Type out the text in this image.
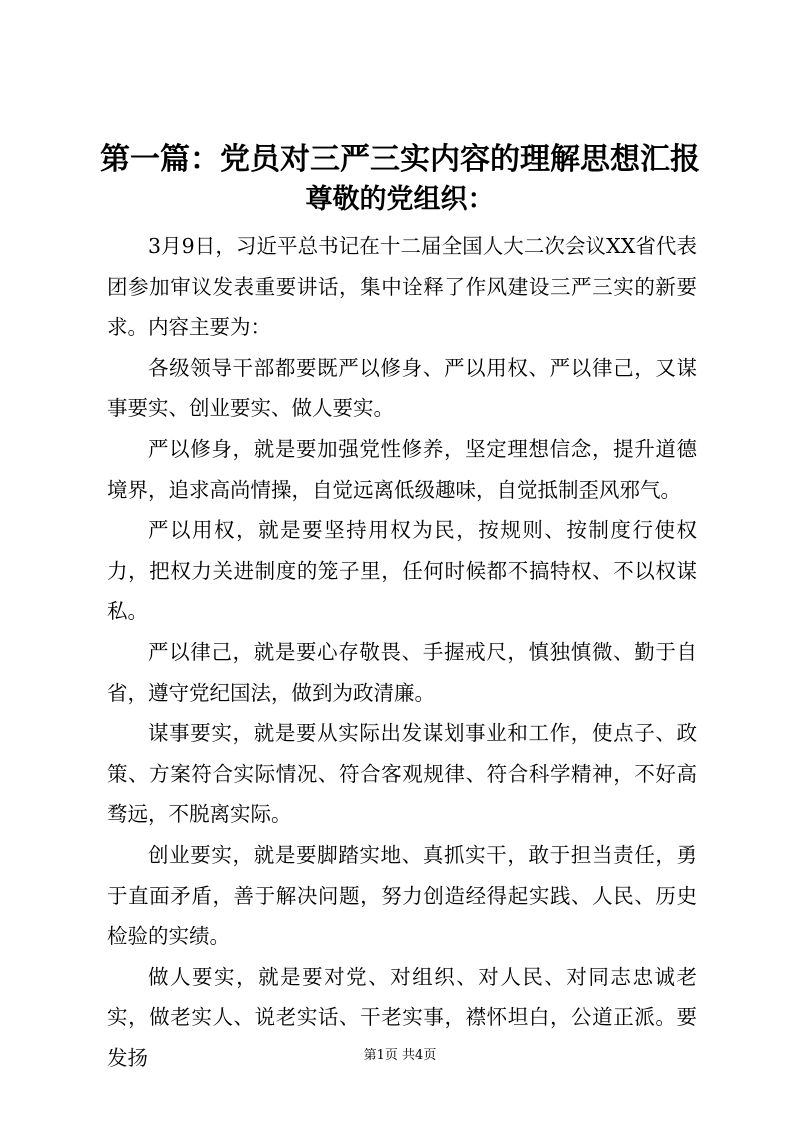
第一篇：党员对三严三实内容的理解思想汇报
尊敬的党组织：

3月9日，习近平总书记在十二届全国人大二次会议XX省代表团参加审议发表重要讲话，集中诠释了作风建设三严三实的新要求。内容主要为：

各级领导干部都要既严以修身、严以用权、严以律己，又谋事要实、创业要实、做人要实。

严以修身，就是要加强党性修养，坚定理想信念，提升道德境界，追求高尚情操，自觉远离低级趣味，自觉抵制歪风邪气。

严以用权，就是要坚持用权为民，按规则、按制度行使权力，把权力关进制度的笼子里，任何时候都不搞特权、不以权谋私。

严以律己，就是要心存敬畏、手握戒尺，慎独慎微、勤于自省，遵守党纪国法，做到为政清廉。

谋事要实，就是要从实际出发谋划事业和工作，使点子、政策、方案符合实际情况、符合客观规律、符合科学精神，不好高骛远，不脱离实际。

创业要实，就是要脚踏实地、真抓实干，敢于担当责任，勇于直面矛盾，善于解决问题，努力创造经得起实践、人民、历史检验的实绩。

做人要实，就是要对党、对组织、对人民、对同志忠诚老实，做老实人、说老实话、干老实事，襟怀坦白，公道正派。要发扬	第1页 共4页
